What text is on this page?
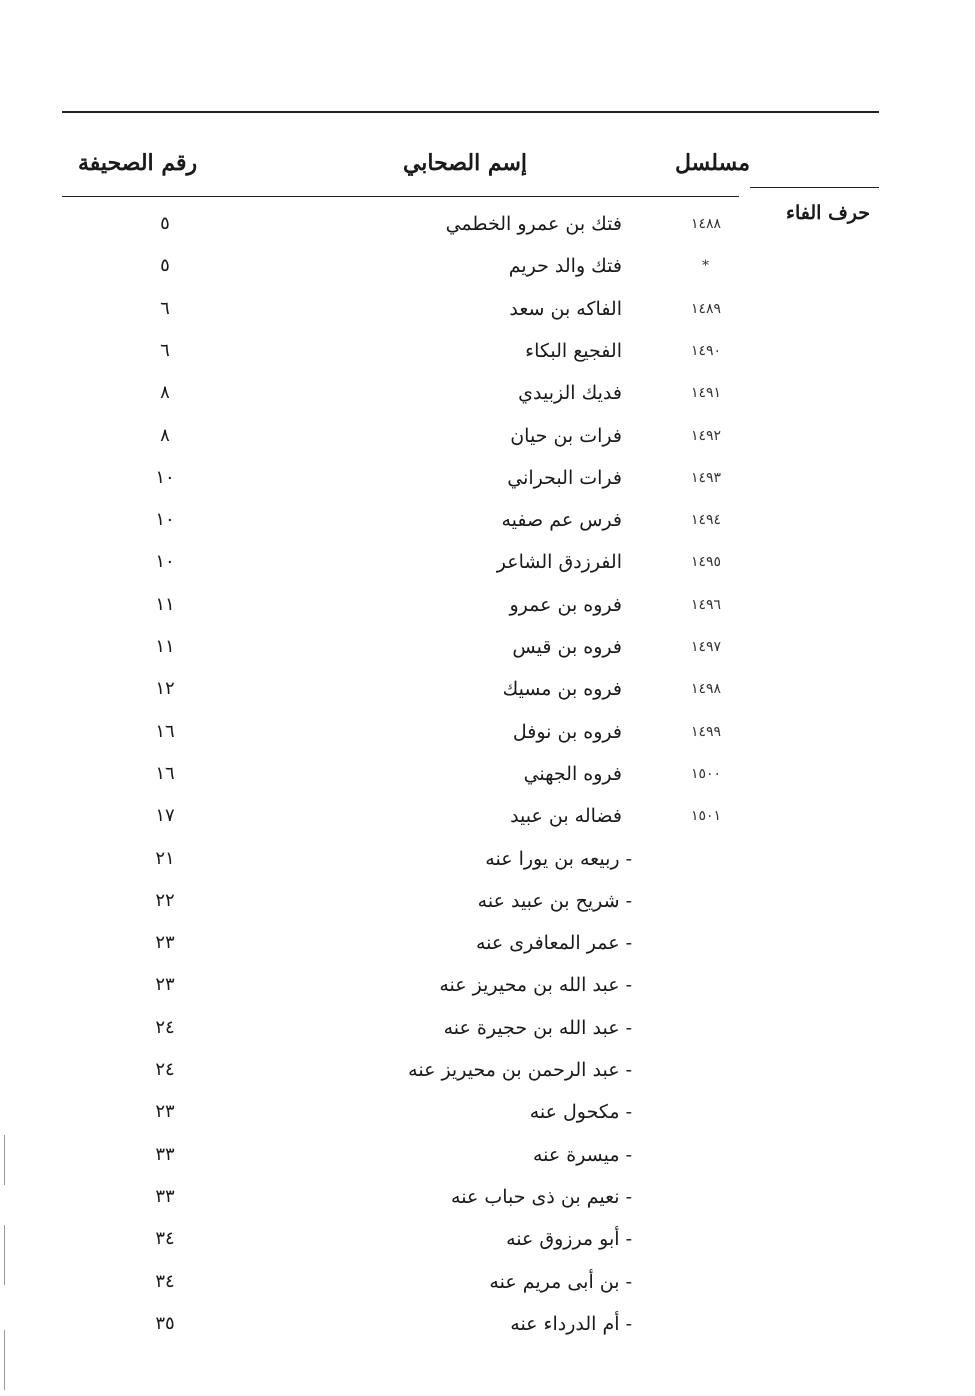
رقم الصحيفة	إسم الصحابي	مسلسل
حرف الفاء
٥	فتك بن عمرو الخطمي	١٤٨٨
٥	فتك والد حريم	*
٦	الفاكه بن سعد	١٤٨٩
٦	الفجيع البكاء	١٤٩٠
٨	فديك الزبيدي	١٤٩١
٨	فرات بن حيان	١٤٩٢
١٠	فرات البحراني	١٤٩٣
١٠	فرس عم صفيه	١٤٩٤
١٠	الفرزدق الشاعر	١٤٩٥
١١	فروه بن عمرو	١٤٩٦
١١	فروه بن قيس	١٤٩٧
١٢	فروه بن مسيك	١٤٩٨
١٦	فروه بن نوفل	١٤٩٩
١٦	فروه الجهني	١٥٠٠
١٧	فضاله بن عبيد	١٥٠١
٢١	- ربيعه بن يورا عنه
٢٢	- شريح بن عبيد عنه
٢٣	- عمر المعافرى عنه
٢٣	- عبد الله بن محيريز عنه
٢٤	- عبد الله بن حجيرة عنه
٢٤	- عبد الرحمن بن محيريز عنه
٢٣	- مكحول عنه
٣٣	- ميسرة عنه
٣٣	- نعيم بن ذى حباب عنه
٣٤	- أبو مرزوق عنه
٣٤	- بن أبى مريم عنه
٣٥	- أم الدرداء عنه
